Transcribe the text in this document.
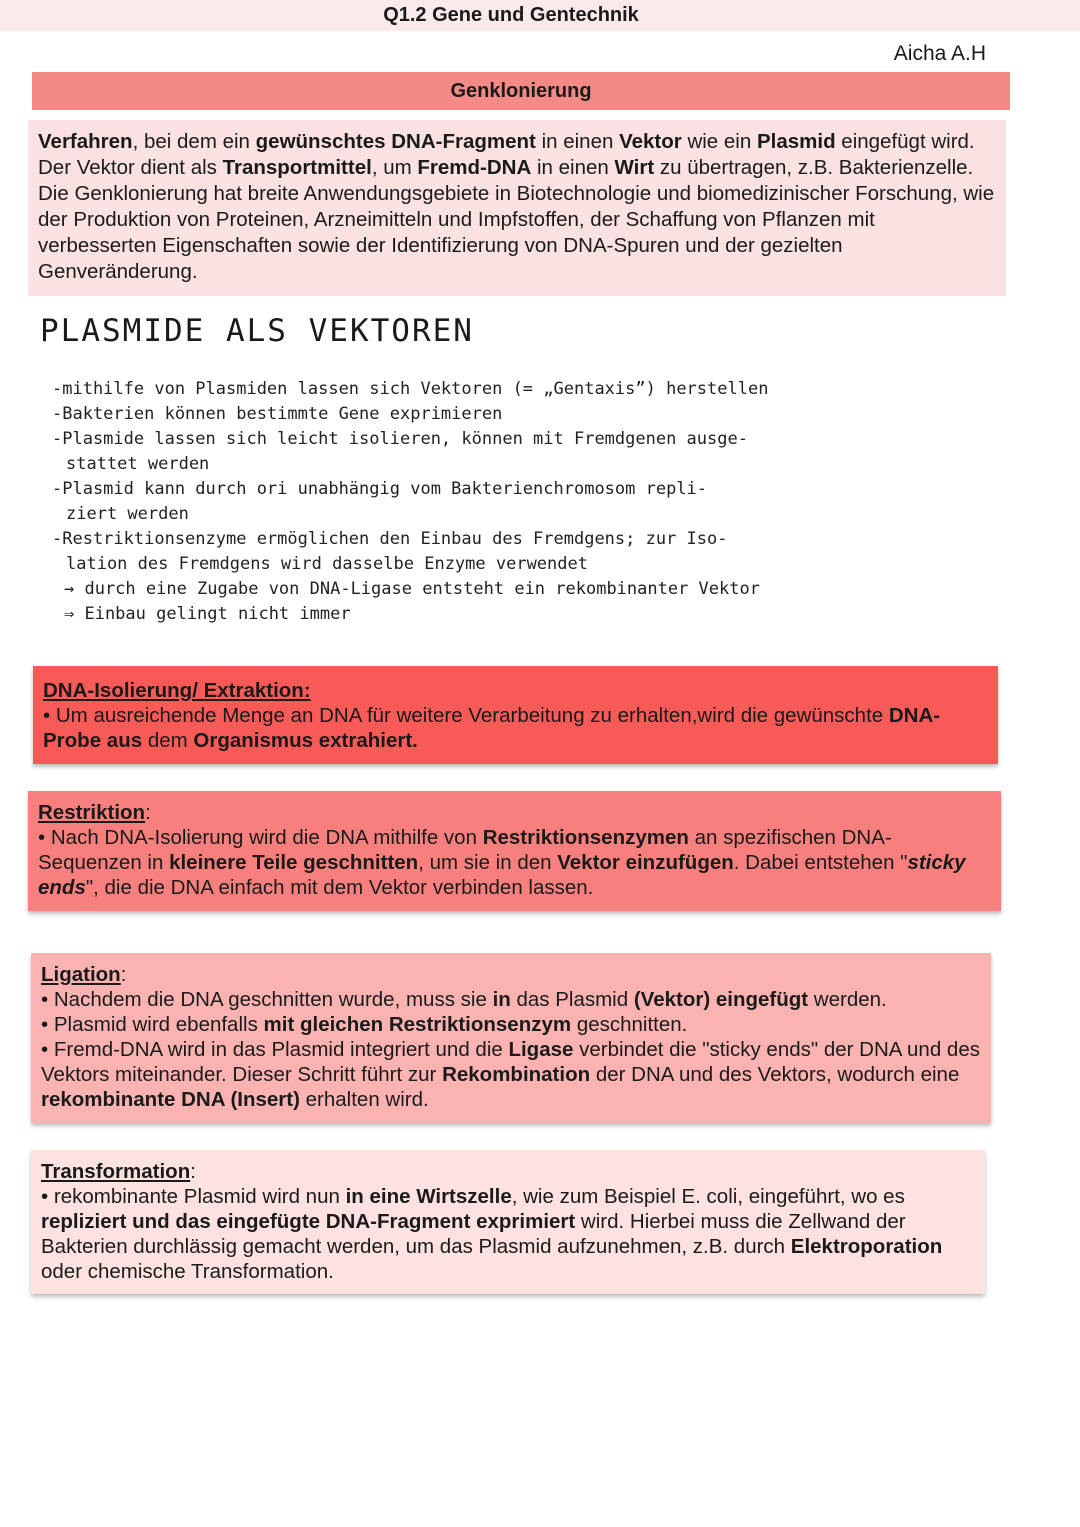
Q1.2 Gene und Gentechnik
Aicha A.H
Genklonierung

Verfahren, bei dem ein gewünschtes DNA-Fragment in einen Vektor wie ein Plasmid eingefügt wird. Der Vektor dient als Transportmittel, um Fremd-DNA in einen Wirt zu übertragen, z.B. Bakterienzelle. Die Genklonierung hat breite Anwendungsgebiete in Biotechnologie und biomedizinischer Forschung, wie der Produktion von Proteinen, Arzneimitteln und Impfstoffen, der Schaffung von Pflanzen mit verbesserten Eigenschaften sowie der Identifizierung von DNA-Spuren und der gezielten Genveränderung.

PLASMIDE ALS VEKTOREN
-mithilfe von Plasmiden lassen sich Vektoren (= „Gentaxis”) herstellen
-Bakterien können bestimmte Gene exprimieren
-Plasmide lassen sich leicht isolieren, können mit Fremdgenen ausge-
stattet werden
-Plasmid kann durch ori unabhängig vom Bakterienchromosom repli-
ziert werden
-Restriktionsenzyme ermöglichen den Einbau des Fremdgens; zur Iso-
lation des Fremdgens wird dasselbe Enzyme verwendet
→ durch eine Zugabe von DNA-Ligase entsteht ein rekombinanter Vektor
⇒ Einbau gelingt nicht immer

DNA-Isolierung/ Extraktion:

• Um ausreichende Menge an DNA für weitere Verarbeitung zu erhalten,wird die gewünschte DNA-Probe aus dem Organismus extrahiert.

Restriktion:

• Nach DNA-Isolierung wird die DNA mithilfe von Restriktionsenzymen an spezifischen DNA-Sequenzen in kleinere Teile geschnitten, um sie in den Vektor einzufügen. Dabei entstehen "sticky ends", die die DNA einfach mit dem Vektor verbinden lassen.

Ligation:

• Nachdem die DNA geschnitten wurde, muss sie in das Plasmid (Vektor) eingefügt werden.

• Plasmid wird ebenfalls mit gleichen Restriktionsenzym geschnitten.

• Fremd-DNA wird in das Plasmid integriert und die Ligase verbindet die "sticky ends" der DNA und des Vektors miteinander. Dieser Schritt führt zur Rekombination der DNA und des Vektors, wodurch eine rekombinante DNA (Insert) erhalten wird.

Transformation:

• rekombinante Plasmid wird nun in eine Wirtszelle, wie zum Beispiel E. coli, eingeführt, wo es repliziert und das eingefügte DNA-Fragment exprimiert wird. Hierbei muss die Zellwand der Bakterien durchlässig gemacht werden, um das Plasmid aufzunehmen, z.B. durch Elektroporation oder chemische Transformation.
